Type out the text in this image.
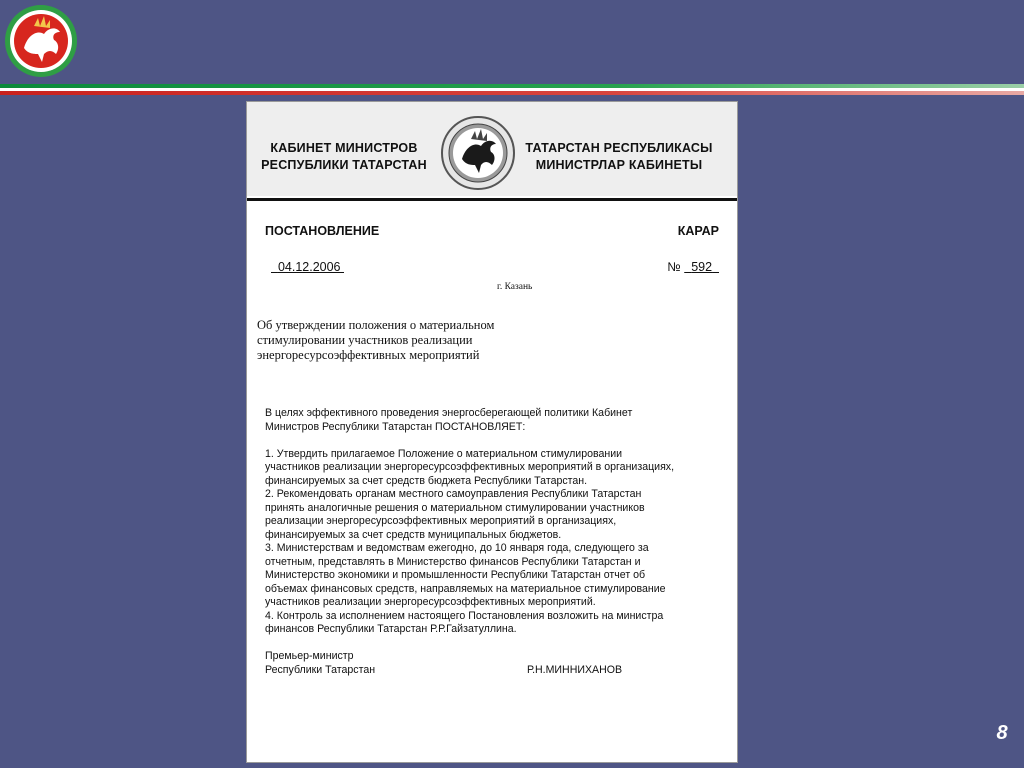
КАБИНЕТ МИНИСТРОВ
РЕСПУБЛИКИ ТАТАРСТАН
ТАТАРСТАН РЕСПУБЛИКАСЫ
МИНИСТРЛАР КАБИНЕТЫ
ПОСТАНОВЛЕНИЕ	КАРАР
04.12.2006	№ 592
г. Казань
Об утверждении положения о материальном
стимулировании участников реализации
энергоресурсоэффективных мероприятий

В целях эффективного проведения энергосберегающей политики Кабинет

Министров Республики Татарстан ПОСТАНОВЛЯЕТ:

1. Утвердить прилагаемое Положение о материальном стимулировании

участников реализации энергоресурсоэффективных мероприятий в организациях,

финансируемых за счет средств бюджета Республики Татарстан.

2. Рекомендовать органам местного самоуправления Республики Татарстан

принять аналогичные решения о материальном стимулировании участников

реализации энергоресурсоэффективных мероприятий в организациях,

финансируемых за счет средств муниципальных бюджетов.

3. Министерствам и ведомствам ежегодно, до 10 января года, следующего за

отчетным, представлять в Министерство финансов Республики Татарстан и

Министерство экономики и промышленности Республики Татарстан отчет об

объемах финансовых средств, направляемых на материальное стимулирование

участников реализации энергоресурсоэффективных мероприятий.

4. Контроль за исполнением настоящего Постановления возложить на министра

финансов Республики Татарстан Р.Р.Гайзатуллина.

Премьер-министр

Республики Татарстан	Р.Н.МИННИХАНОВ
8
